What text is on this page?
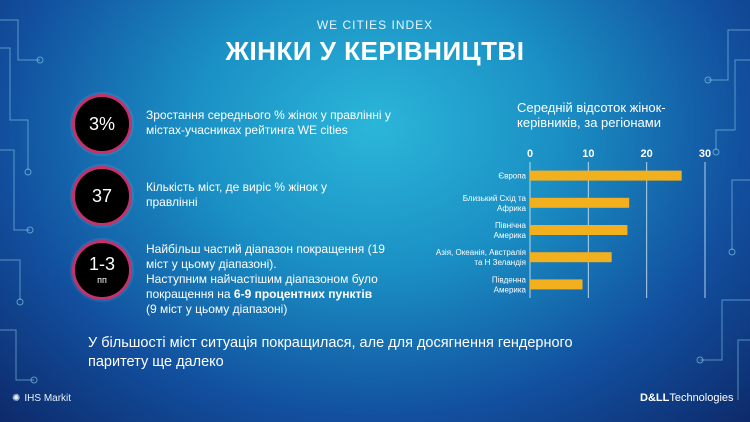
WE CITIES INDEX
ЖІНКИ У КЕРІВНИЦТВІ
3%	Зростання середнього % жінок у правлінні у містах-учасниках рейтинга WE cities
37	Кількість міст, де виріс % жінок у правлінні
1-3
пп
Найбільш частий діапазон покращення (19 міст у цьому діапазоні).
Наступним найчастішим діапазоном було покращення на 6-9 процентних пунктів (9 міст у цьому діапазоні)
У більшості міст ситуація покращилася, але для досягнення гендерного паритету ще далеко
Середній відсоток жінок-керівників, за регіонами
0	10	20	30
Європа
Близький Схід та
Африка
Північна
Америка
Азія, Океанія, Австралія
та Н Зеландія
Південна
Америка
✺ IHS Markit	D&LLTechnologies
